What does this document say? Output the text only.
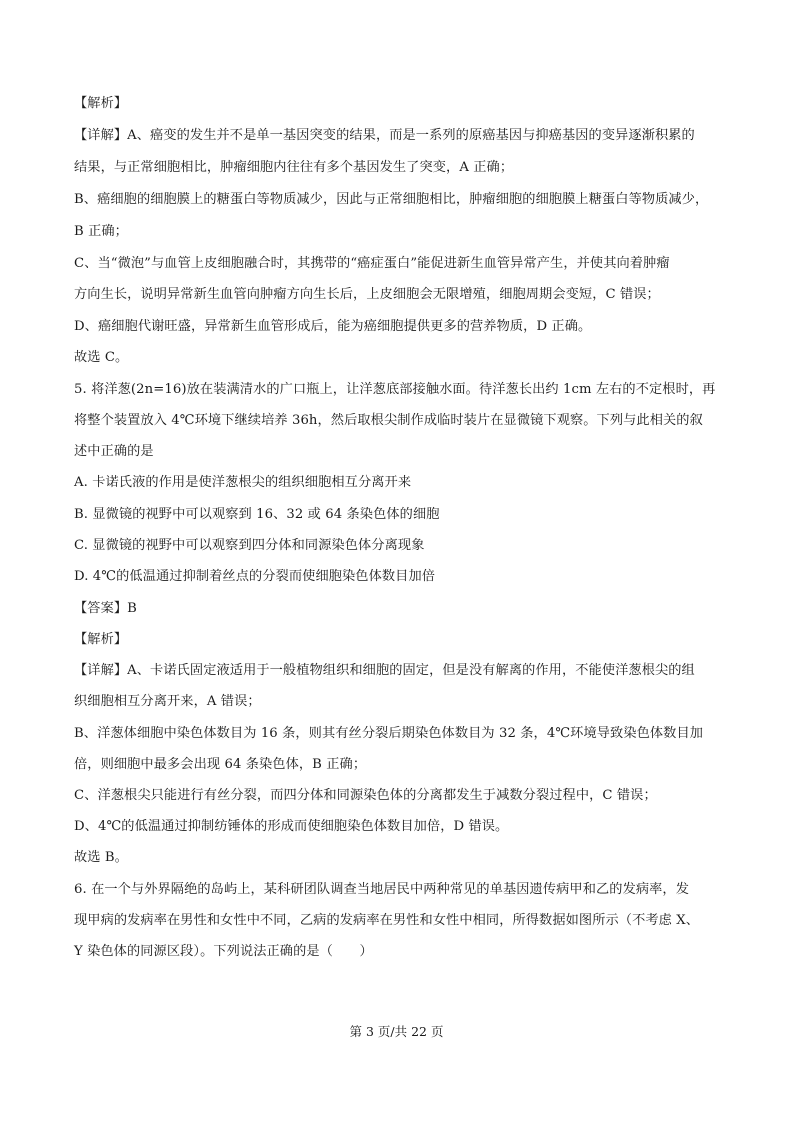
【解析】
【详解】A、癌变的发生并不是单一基因突变的结果，而是一系列的原癌基因与抑癌基因的变异逐渐积累的
结果，与正常细胞相比，肿瘤细胞内往往有多个基因发生了突变，A 正确；
B、癌细胞的细胞膜上的糖蛋白等物质减少，因此与正常细胞相比，肿瘤细胞的细胞膜上糖蛋白等物质减少，
B 正确；
C、当“微泡”与血管上皮细胞融合时，其携带的“癌症蛋白”能促进新生血管异常产生，并使其向着肿瘤
方向生长，说明异常新生血管向肿瘤方向生长后，上皮细胞会无限增殖，细胞周期会变短，C 错误；
D、癌细胞代谢旺盛，异常新生血管形成后，能为癌细胞提供更多的营养物质，D 正确。
故选 C。
5. 将洋葱(2n=16)放在装满清水的广口瓶上，让洋葱底部接触水面。待洋葱长出约 1cm 左右的不定根时，再
将整个装置放入 4℃环境下继续培养 36h，然后取根尖制作成临时装片在显微镜下观察。下列与此相关的叙
述中正确的是
A. 卡诺氏液的作用是使洋葱根尖的组织细胞相互分离开来
B. 显微镜的视野中可以观察到 16、32 或 64 条染色体的细胞
C. 显微镜的视野中可以观察到四分体和同源染色体分离现象
D. 4℃的低温通过抑制着丝点的分裂而使细胞染色体数目加倍
【答案】B
【解析】
【详解】A、卡诺氏固定液适用于一般植物组织和细胞的固定，但是没有解离的作用，不能使洋葱根尖的组
织细胞相互分离开来，A 错误；
B、洋葱体细胞中染色体数目为 16 条，则其有丝分裂后期染色体数目为 32 条，4℃环境导致染色体数目加
倍，则细胞中最多会出现 64 条染色体，B 正确；
C、洋葱根尖只能进行有丝分裂，而四分体和同源染色体的分离都发生于减数分裂过程中，C 错误；
D、4℃的低温通过抑制纺锤体的形成而使细胞染色体数目加倍，D 错误。
故选 B。
6. 在一个与外界隔绝的岛屿上，某科研团队调查当地居民中两种常见的单基因遗传病甲和乙的发病率，发
现甲病的发病率在男性和女性中不同，乙病的发病率在男性和女性中相同，所得数据如图所示（不考虑 X、
Y 染色体的同源区段）。下列说法正确的是（　　）
第 3 页/共 22 页
